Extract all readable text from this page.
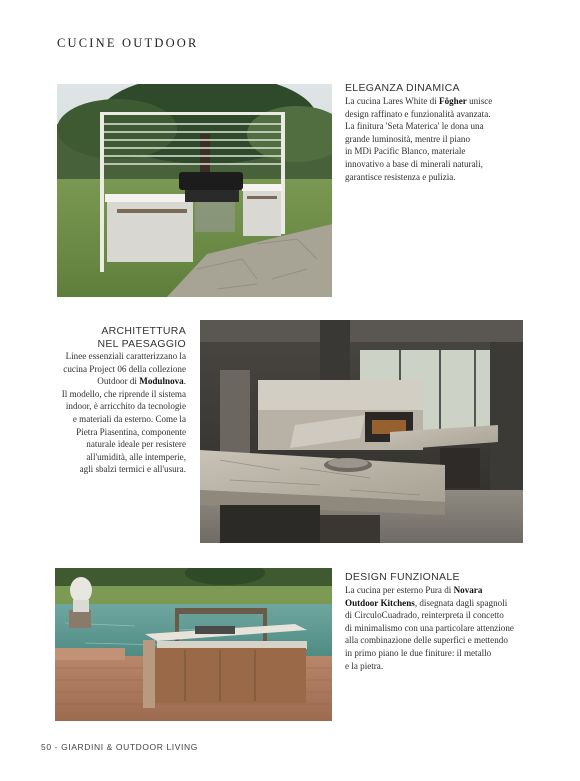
CUCINE OUTDOOR
ELEGANZA DINAMICA
La cucina Lares White di Fôgher unisce
design raffinato e funzionalità avanzata.
La finitura 'Seta Materica' le dona una
grande luminosità, mentre il piano
in MDi Pacific Blanco, materiale
innovativo a base di minerali naturali,
garantisce resistenza e pulizia.
ARCHITETTURA
NEL PAESAGGIO
Linee essenziali caratterizzano la
cucina Project 06 della collezione
Outdoor di Modulnova.
Il modello, che riprende il sistema
indoor, è arricchito da tecnologie
e materiali da esterno. Come la
Pietra Piasentina, componente
naturale ideale per resistere
all'umidità, alle intemperie,
agli sbalzi termici e all'usura.
DESIGN FUNZIONALE
La cucina per esterno Pura di Novara
Outdoor Kitchens, disegnata dagli spagnoli
di CirculoCuadrado, reinterpreta il concetto
di minimalismo con una particolare attenzione
alla combinazione delle superfici e mettendo
in primo piano le due finiture: il metallo
e la pietra.
50 - GIARDINI & OUTDOOR LIVING
